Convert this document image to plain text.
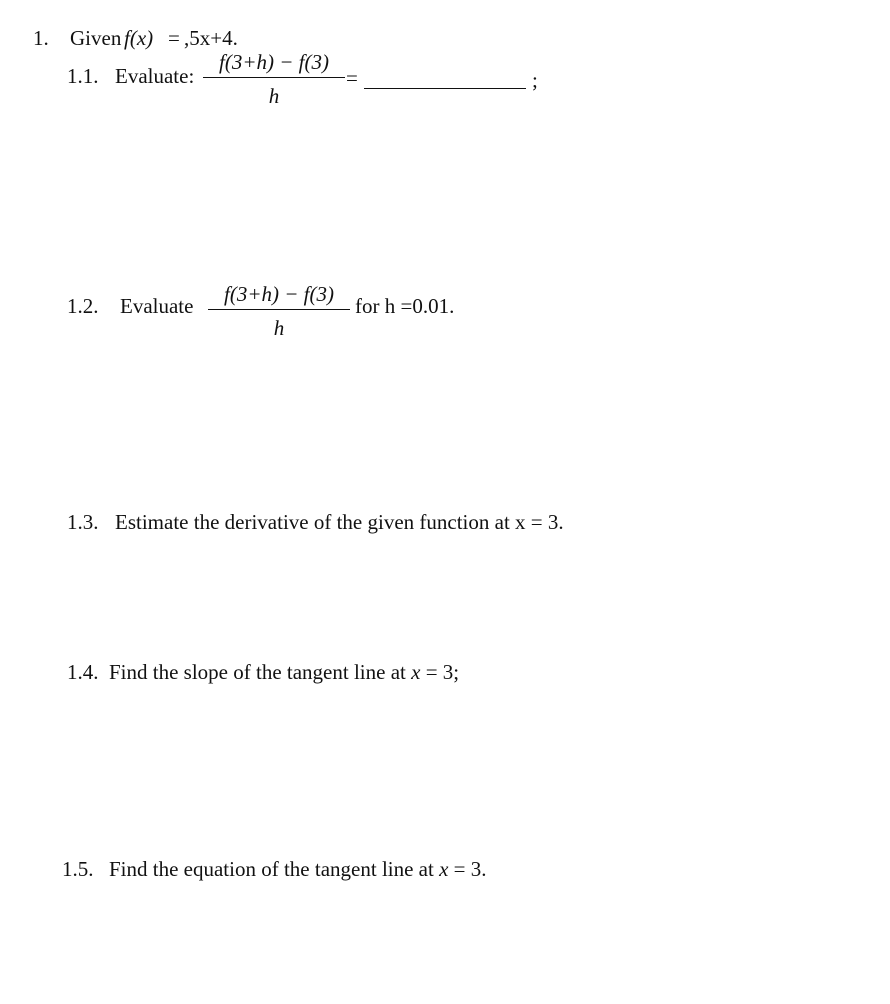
1. Given f(x) = ,5x+4.
1.1. Evaluate:
f(3+h) − f(3)
h
=	;
1.2. Evaluate	f(3+h) − f(3)
h
for h =0.01.
1.3. Estimate the derivative of the given function at x = 3.
1.4. Find the slope of the tangent line at x = 3;
1.5. Find the equation of the tangent line at x = 3.
